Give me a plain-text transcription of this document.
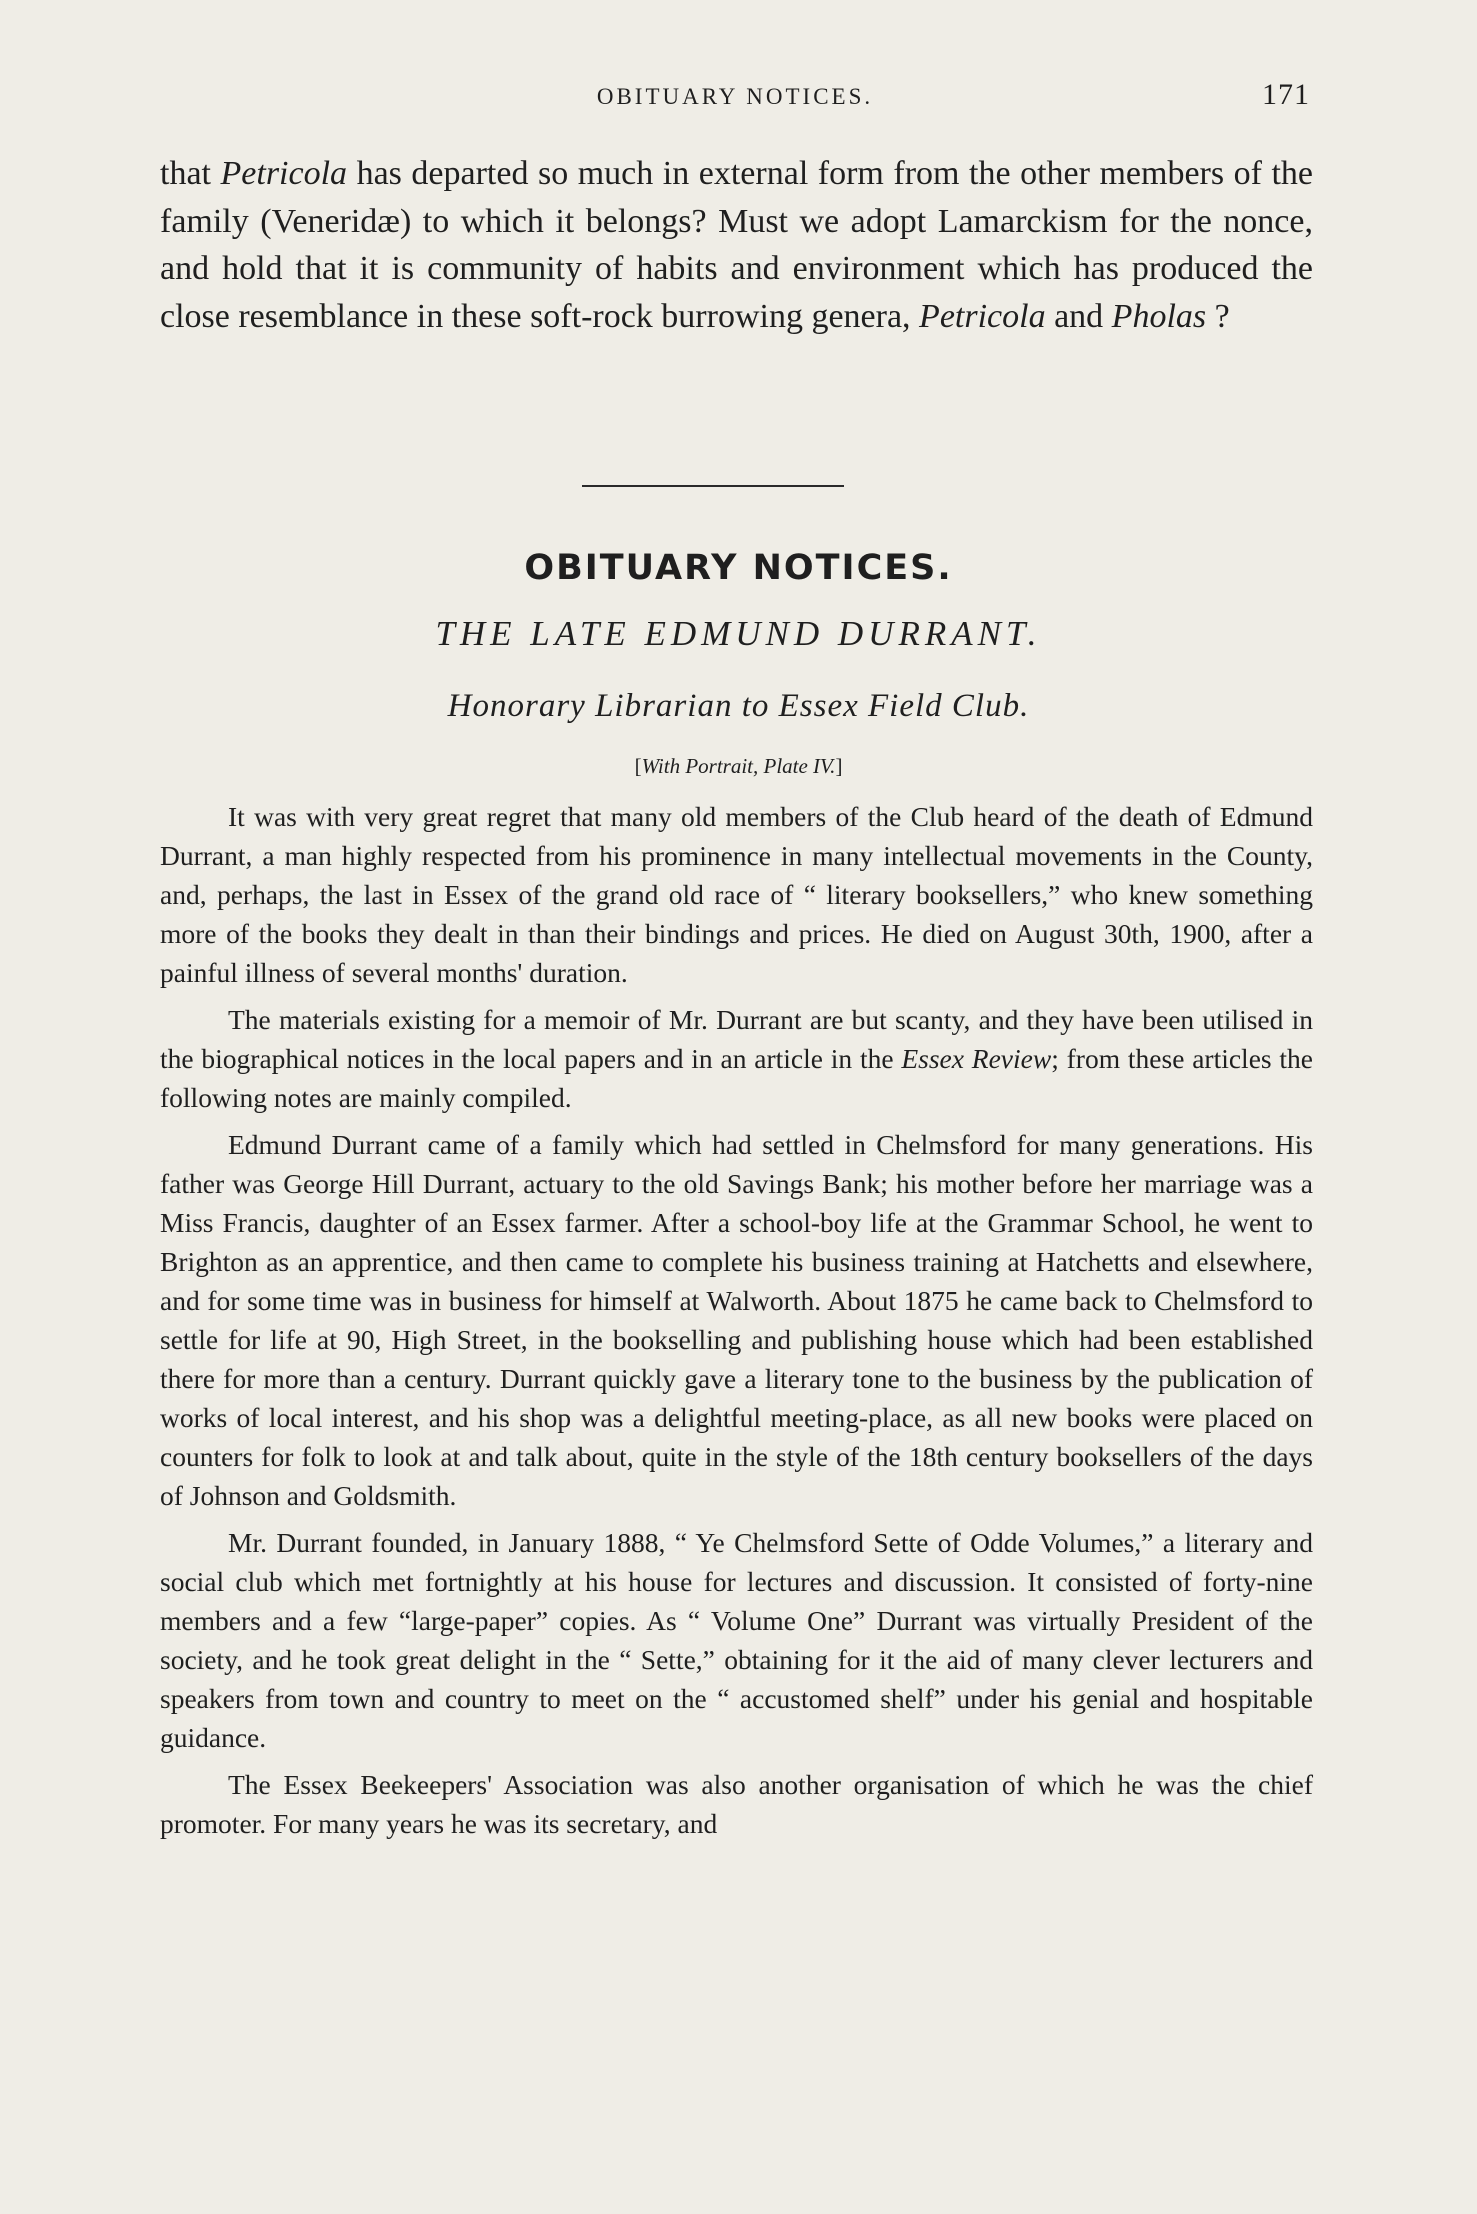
OBITUARY NOTICES.	171

that Petricola has departed so much in external form from the other members of the family (Veneridæ) to which it belongs? Must we adopt Lamarckism for the nonce, and hold that it is community of habits and environment which has produced the close resemblance in these soft-rock burrowing genera, Petricola and Pholas ?

OBITUARY NOTICES.
THE LATE EDMUND DURRANT.
Honorary Librarian to Essex Field Club.
[With Portrait, Plate IV.]

It was with very great regret that many old members of the Club heard of the death of Edmund Durrant, a man highly respected from his prominence in many intellectual movements in the County, and, perhaps, the last in Essex of the grand old race of “ literary booksellers,” who knew something more of the books they dealt in than their bindings and prices. He died on August 30th, 1900, after a painful illness of several months' duration.

The materials existing for a memoir of Mr. Durrant are but scanty, and they have been utilised in the biographical notices in the local papers and in an article in the Essex Review; from these articles the following notes are mainly compiled.

Edmund Durrant came of a family which had settled in Chelmsford for many generations. His father was George Hill Durrant, actuary to the old Savings Bank; his mother before her marriage was a Miss Francis, daughter of an Essex farmer. After a school-boy life at the Grammar School, he went to Brighton as an apprentice, and then came to complete his business training at Hatchetts and elsewhere, and for some time was in business for himself at Walworth. About 1875 he came back to Chelmsford to settle for life at 90, High Street, in the bookselling and publishing house which had been established there for more than a century. Durrant quickly gave a literary tone to the business by the publication of works of local interest, and his shop was a delightful meeting-place, as all new books were placed on counters for folk to look at and talk about, quite in the style of the 18th century booksellers of the days of Johnson and Goldsmith.

Mr. Durrant founded, in January 1888, “ Ye Chelmsford Sette of Odde Volumes,” a literary and social club which met fortnightly at his house for lectures and discussion. It consisted of forty-nine members and a few “large-paper” copies. As “ Volume One” Durrant was virtually President of the society, and he took great delight in the “ Sette,” obtaining for it the aid of many clever lecturers and speakers from town and country to meet on the “ accustomed shelf” under his genial and hospitable guidance.

The Essex Beekeepers' Association was also another organisation of which he was the chief promoter. For many years he was its secretary, and
